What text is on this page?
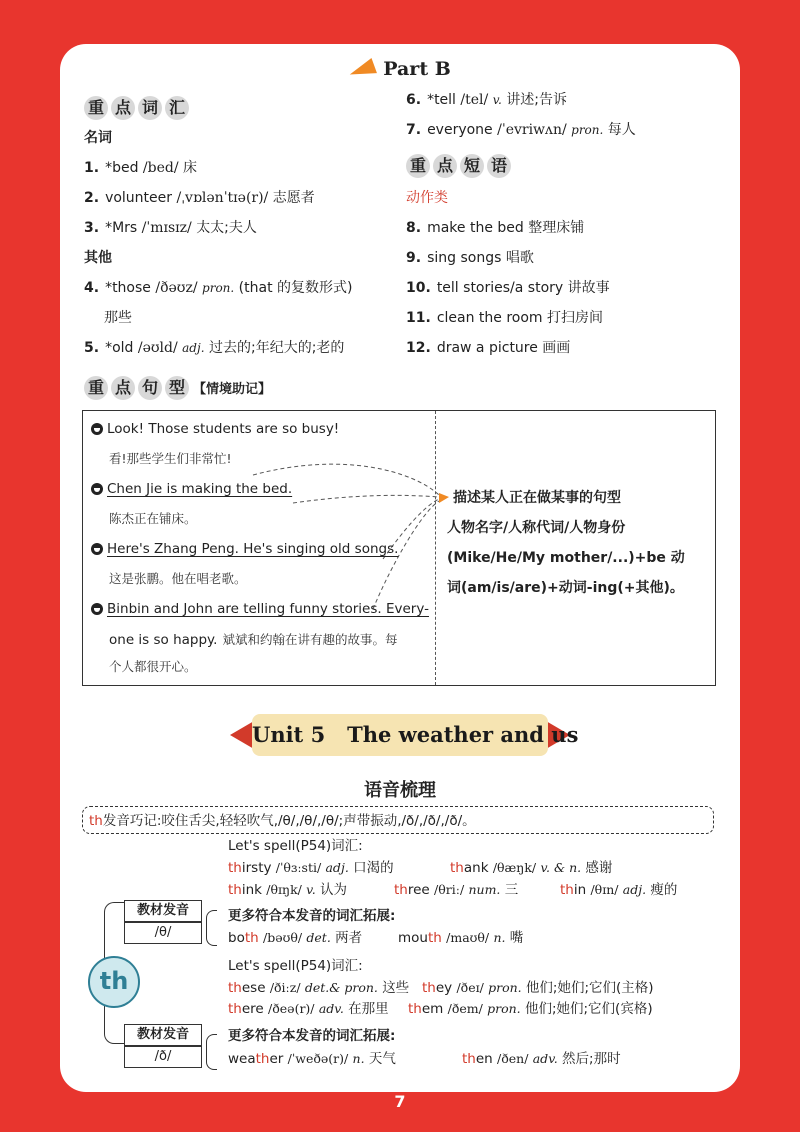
Part B
重 点 词 汇
名词
1. *bed /bed/ 床
2. volunteer /ˌvɒlənˈtɪə(r)/ 志愿者
3. *Mrs /ˈmɪsɪz/ 太太;夫人
其他
4. *those /ðəʊz/ pron. (that 的复数形式)
那些
5. *old /əʊld/ adj. 过去的;年纪大的;老的
6. *tell /tel/ v. 讲述;告诉
7. everyone /ˈevriwʌn/ pron. 每人
重 点 短 语
动作类
8. make the bed 整理床铺
9. sing songs 唱歌
10. tell stories/a story 讲故事
11. clean the room 打扫房间
12. draw a picture 画画
重 点 句 型 【情境助记】
Look! Those students are so busy!
看!那些学生们非常忙!
Chen Jie is making the bed.
陈杰正在铺床。
Here's Zhang Peng. He's singing old songs.
这是张鹏。他在唱老歌。
Binbin and John are telling funny stories. Every-
one is so happy. 斌斌和约翰在讲有趣的故事。每
个人都很开心。
描述某人正在做某事的句型
人物名字/人称代词/人物身份
(Mike/He/My mother/...)+be 动
词(am/is/are)+动词-ing(+其他)。
Unit 5   The weather and us
语音梳理
th发音巧记:咬住舌尖,轻轻吹气,/θ/,/θ/,/θ/;声带振动,/ð/,/ð/,/ð/。
th
教材发音
/θ/
教材发音
/ð/
Let's spell(P54)词汇:
thirsty /ˈθɜːsti/ adj. 口渴的	thank /θæŋk/ v. & n. 感谢
think /θɪŋk/ v. 认为	three /θriː/ num. 三	thin /θɪn/ adj. 瘦的
更多符合本发音的词汇拓展:
both /bəʊθ/ det. 两者	mouth /maʊθ/ n. 嘴
Let's spell(P54)词汇:
these /ðiːz/ det.& pron. 这些 they /ðeɪ/ pron. 他们;她们;它们(主格)
there /ðeə(r)/ adv. 在那里 them /ðem/ pron. 他们;她们;它们(宾格)
更多符合本发音的词汇拓展:
weather /ˈweðə(r)/ n. 天气	then /ðen/ adv. 然后;那时
7
